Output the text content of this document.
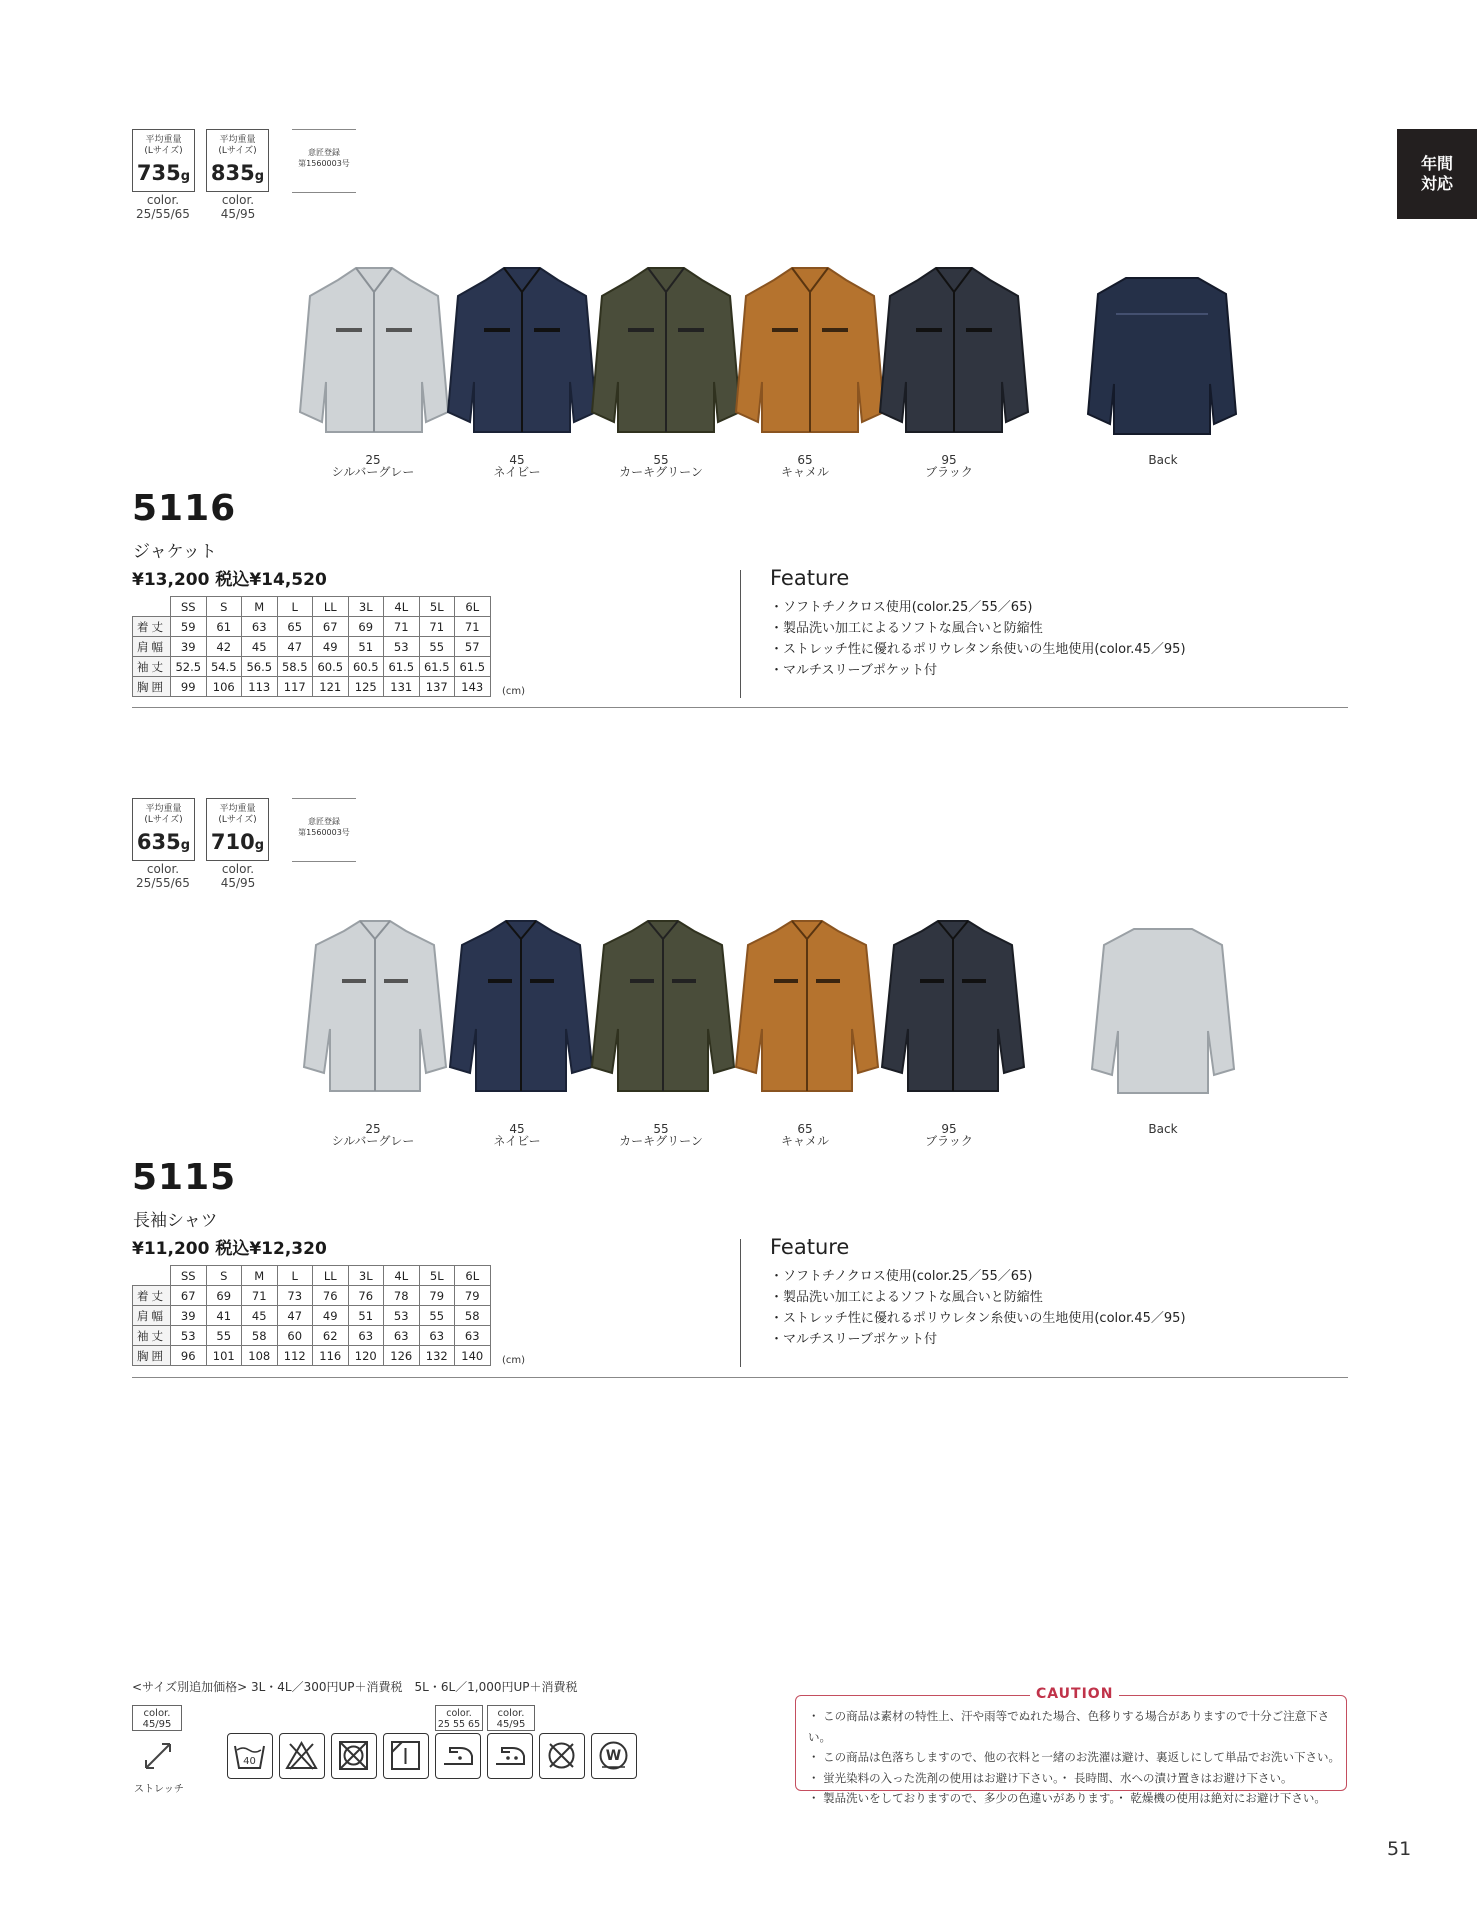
年間
対応
平均重量
(Lサイズ)
735g
color.
25/55/65
平均重量
(Lサイズ)
835g
color.
45/95
意匠登録
第1560003号
25
シルバーグレー
45
ネイビー
55
カーキグリーン
65
キャメル
95
ブラック
Back
5116
ジャケット
¥13,200 税込¥14,520
	SS	S	M	L	LL	3L	4L	5L	6L
着丈	59	61	63	65	67	69	71	71	71
肩幅	39	42	45	47	49	51	53	55	57
袖丈	52.5	54.5	56.5	58.5	60.5	60.5	61.5	61.5	61.5
胸囲	99	106	113	117	121	125	131	137	143 (cm)
Feature
・ソフトチノクロス使用(color.25／55／65)
・製品洗い加工によるソフトな風合いと防縮性
・ストレッチ性に優れるポリウレタン糸使いの生地使用(color.45／95)
・マルチスリーブポケット付
平均重量
(Lサイズ)
635g
color.
25/55/65
平均重量
(Lサイズ)
710g
color.
45/95
意匠登録
第1560003号
25
シルバーグレー
45
ネイビー
55
カーキグリーン
65
キャメル
95
ブラック
Back
5115
長袖シャツ
¥11,200 税込¥12,320
	SS	S	M	L	LL	3L	4L	5L	6L
着丈	67	69	71	73	76	76	78	79	79
肩幅	39	41	45	47	49	51	53	55	58
袖丈	53	55	58	60	62	63	63	63	63
胸囲	96	101	108	112	116	120	126	132	140 (cm)
Feature
・ソフトチノクロス使用(color.25／55／65)
・製品洗い加工によるソフトな風合いと防縮性
・ストレッチ性に優れるポリウレタン糸使いの生地使用(color.45／95)
・マルチスリーブポケット付
<サイズ別追加価格> 3L・4L／300円UP＋消費税　5L・6L／1,000円UP＋消費税
color.
45/95
ストレッチ
color.
25 55 65
color.
45/95
40	W
CAUTION
・ この商品は素材の特性上、汗や雨等でぬれた場合、色移りする場合がありますので十分ご注意下さい。
・ この商品は色落ちしますので、他の衣料と一緒のお洗濯は避け、裏返しにして単品でお洗い下さい。
・ 蛍光染料の入った洗剤の使用はお避け下さい。・ 長時間、水への漬け置きはお避け下さい。
・ 製品洗いをしておりますので、多少の色違いがあります。・ 乾燥機の使用は絶対にお避け下さい。
51
